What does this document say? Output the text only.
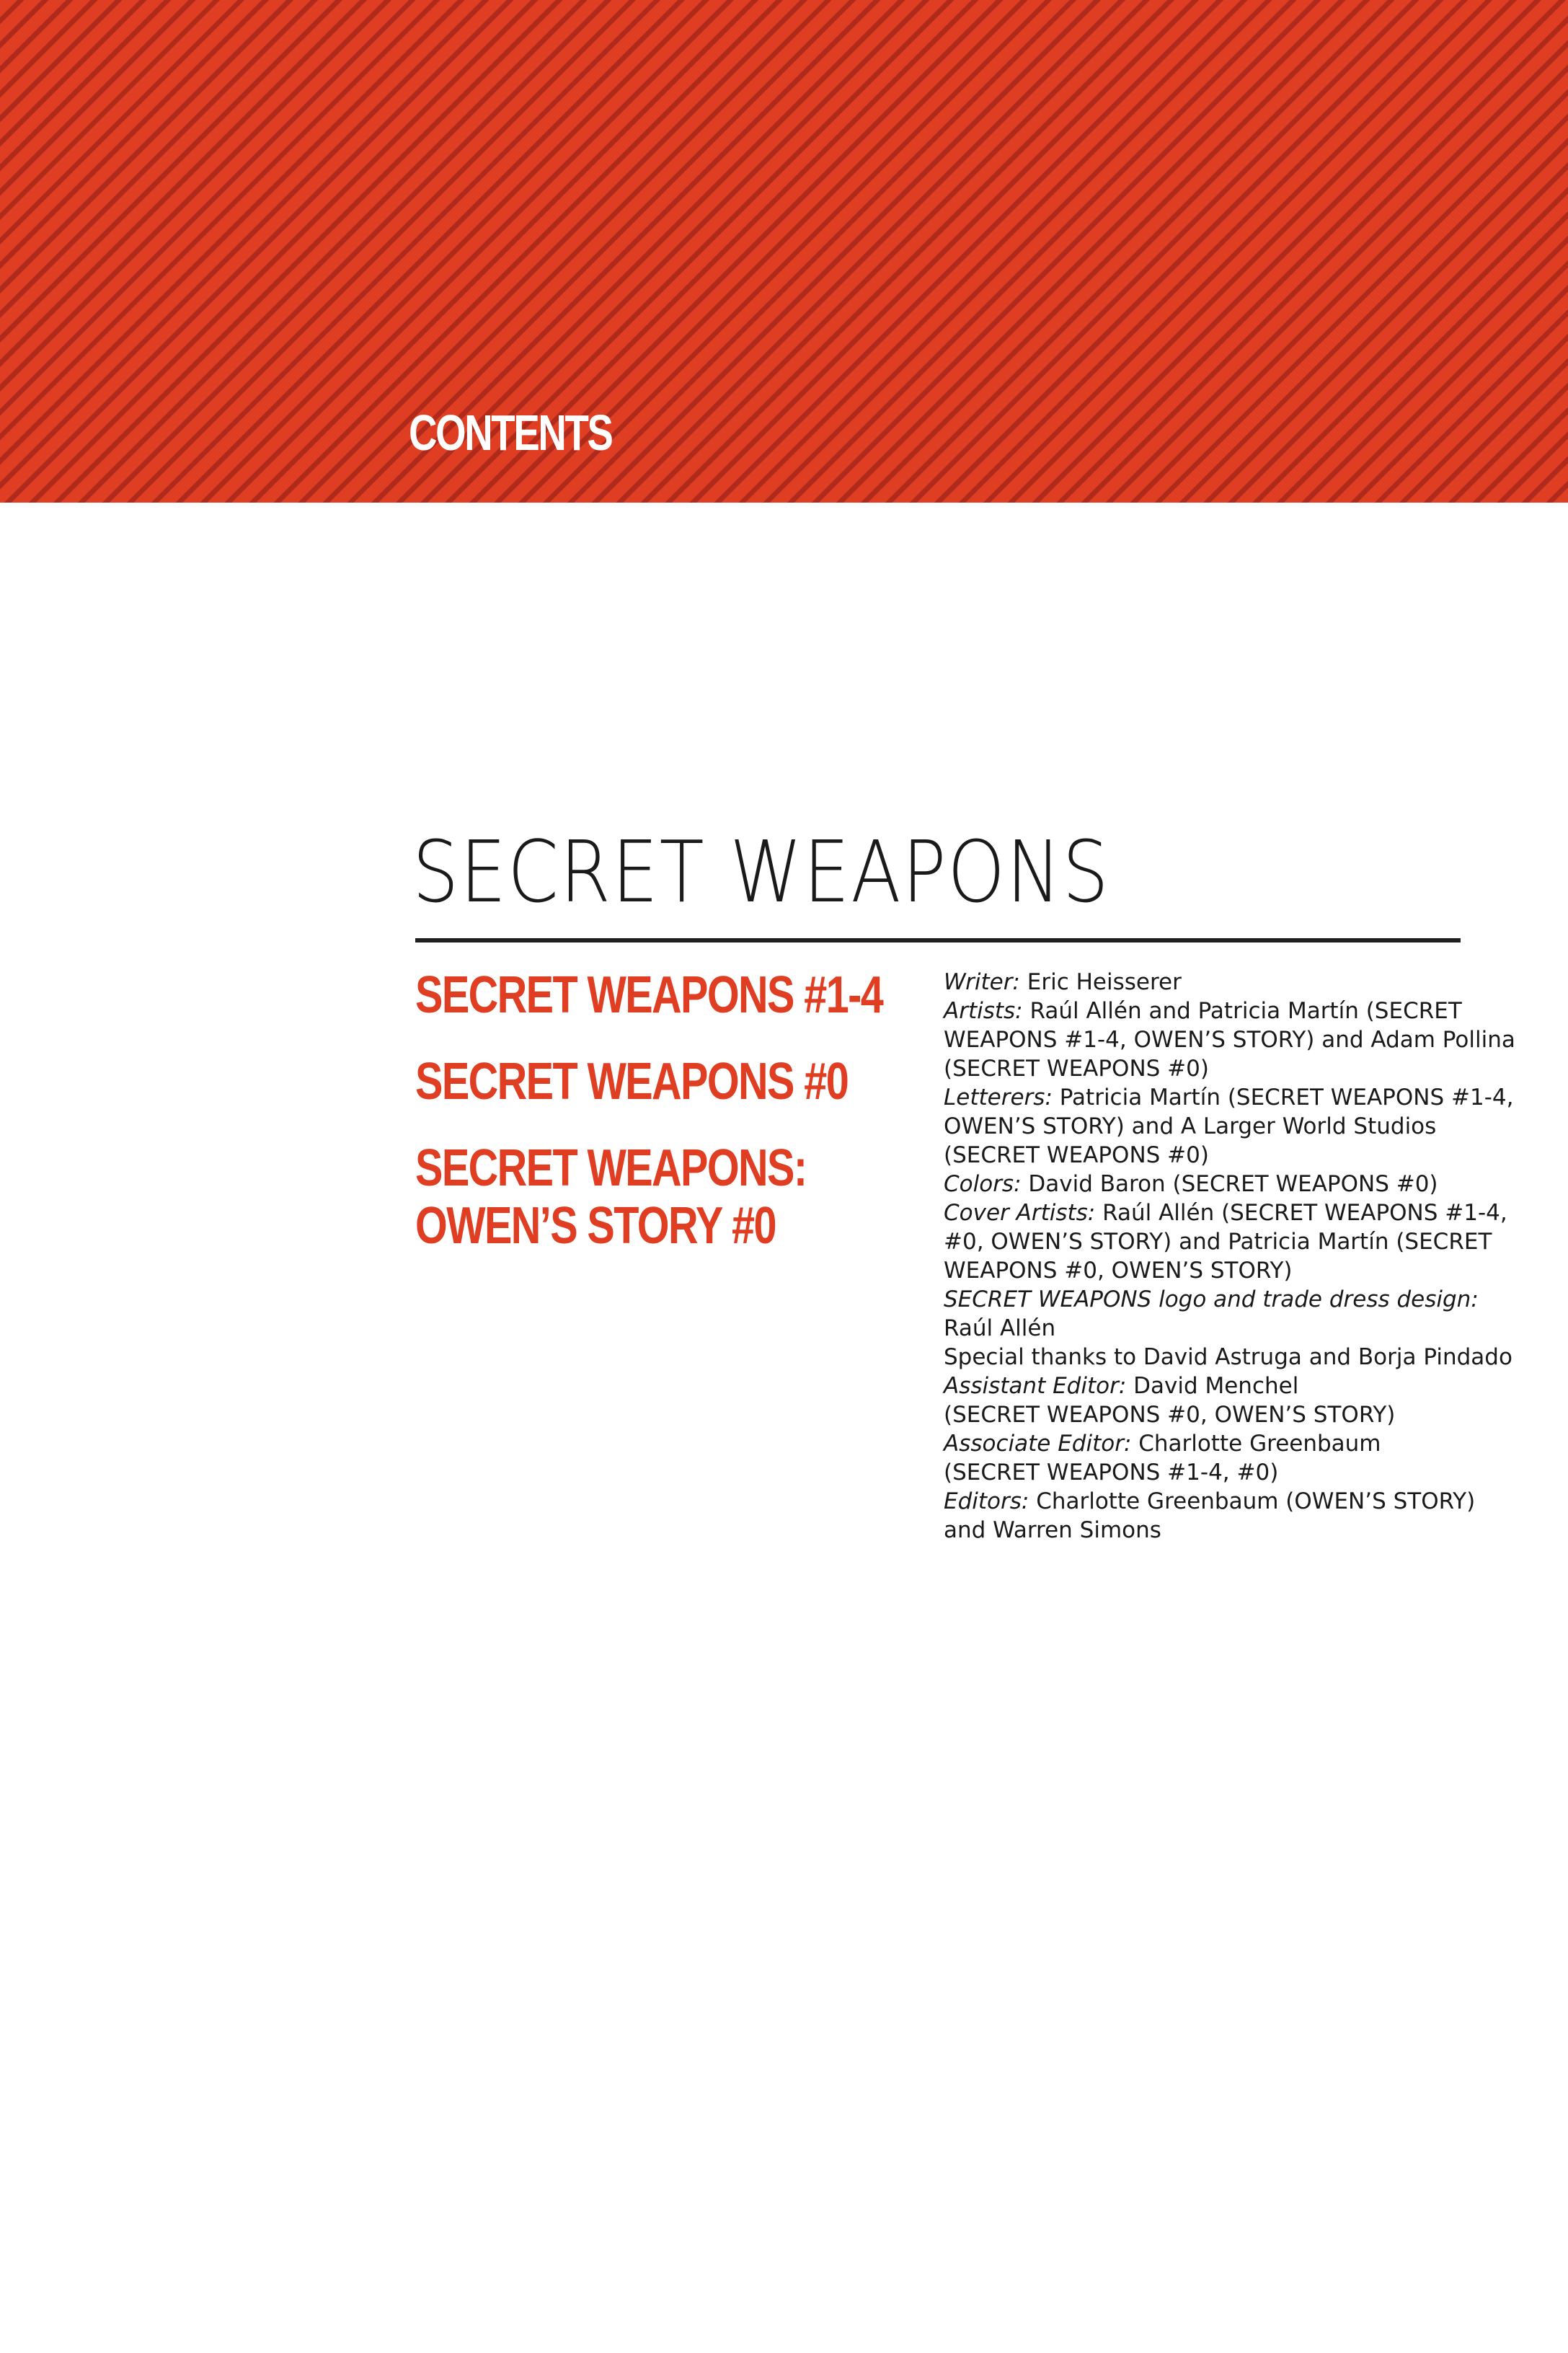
CONTENTS
SECRET WEAPONS
SECRET WEAPONS #1-4
SECRET WEAPONS #0
SECRET WEAPONS:
OWEN’S STORY #0

Writer: Eric Heisserer

Artists: Raúl Allén and Patricia Martín (SECRET

WEAPONS #1-4, OWEN’S STORY) and Adam Pollina

(SECRET WEAPONS #0)

Letterers: Patricia Martín (SECRET WEAPONS #1-4,

OWEN’S STORY) and A Larger World Studios

(SECRET WEAPONS #0)

Colors: David Baron (SECRET WEAPONS #0)

Cover Artists: Raúl Allén (SECRET WEAPONS #1-4,

#0, OWEN’S STORY) and Patricia Martín (SECRET

WEAPONS #0, OWEN’S STORY)

SECRET WEAPONS logo and trade dress design:

Raúl Allén

Special thanks to David Astruga and Borja Pindado

Assistant Editor: David Menchel

(SECRET WEAPONS #0, OWEN’S STORY)

Associate Editor: Charlotte Greenbaum

(SECRET WEAPONS #1-4, #0)

Editors: Charlotte Greenbaum (OWEN’S STORY)

and Warren Simons
